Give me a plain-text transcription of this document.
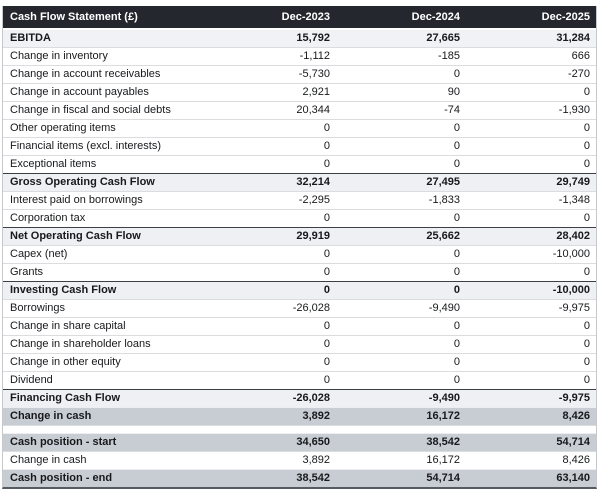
Cash Flow Statement (£)	Dec-2023	Dec-2024	Dec-2025
EBITDA	15,792	27,665	31,284
Change in inventory	-1,112	-185	666
Change in account receivables	-5,730	0	-270
Change in account payables	2,921	90	0
Change in fiscal and social debts	20,344	-74	-1,930
Other operating items	0	0	0
Financial items (excl. interests)	0	0	0
Exceptional items	0	0	0
Gross Operating Cash Flow	32,214	27,495	29,749
Interest paid on borrowings	-2,295	-1,833	-1,348
Corporation tax	0	0	0
Net Operating Cash Flow	29,919	25,662	28,402
Capex (net)	0	0	-10,000
Grants	0	0	0
Investing Cash Flow	0	0	-10,000
Borrowings	-26,028	-9,490	-9,975
Change in share capital	0	0	0
Change in shareholder loans	0	0	0
Change in other equity	0	0	0
Dividend	0	0	0
Financing Cash Flow	-26,028	-9,490	-9,975
Change in cash	3,892	16,172	8,426
Cash position - start	34,650	38,542	54,714
Change in cash	3,892	16,172	8,426
Cash position - end	38,542	54,714	63,140
